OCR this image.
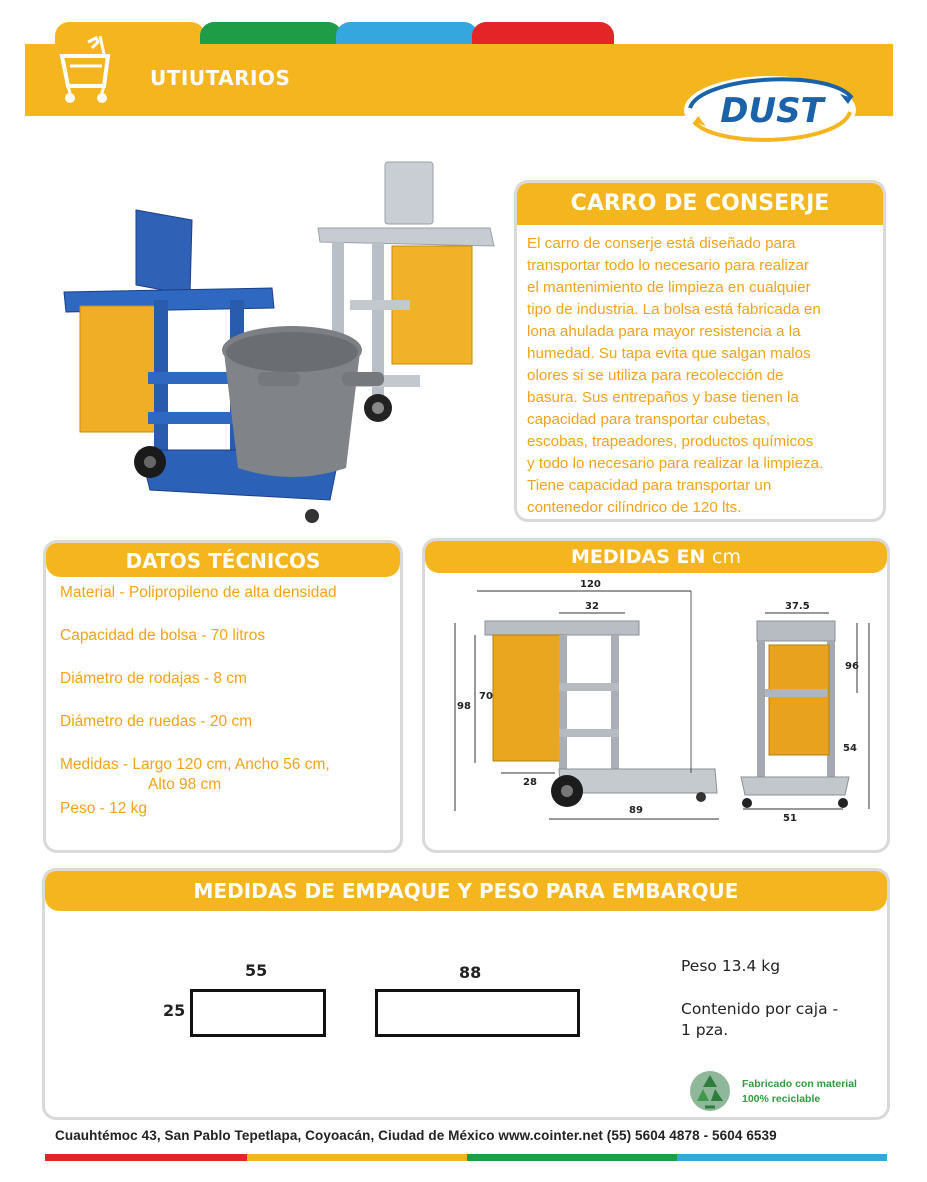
UTIUTARIOS
DUST
CARRO DE CONSERJE
El carro de conserje está diseñado para
transportar todo lo necesario para realizar
el mantenimiento de limpieza en cualquier
tipo de industria. La bolsa está fabricada en
lona ahulada para mayor resistencia a la
humedad. Su tapa evita que salgan malos
olores si se utiliza para recolección de
basura. Sus entrepaños y base tienen la
capacidad para transportar cubetas,
escobas, trapeadores, productos químicos
y todo lo necesario para realizar la limpieza.
Tiene capacidad para transportar un
contenedor cilíndrico de 120 lts.
DATOS TÉCNICOS
Material - Polipropileno de alta densidad
Capacidad de bolsa - 70 litros
Diámetro de rodajas - 8 cm
Diámetro de ruedas - 20 cm
Medidas - Largo 120 cm, Ancho 56 cm,
Alto 98 cm
Peso - 12 kg
MEDIDAS EN cm
120
32
98
70
28
89
37.5
96
54
51
MEDIDAS DE EMPAQUE Y PESO PARA EMBARQUE
55
25
88	Peso 13.4 kg
Contenido por caja - 1 pza.
Fabricado con material
100% reciclable
Cuauhtémoc 43, San Pablo Tepetlapa, Coyoacán, Ciudad de México www.cointer.net (55) 5604 4878 - 5604 6539
